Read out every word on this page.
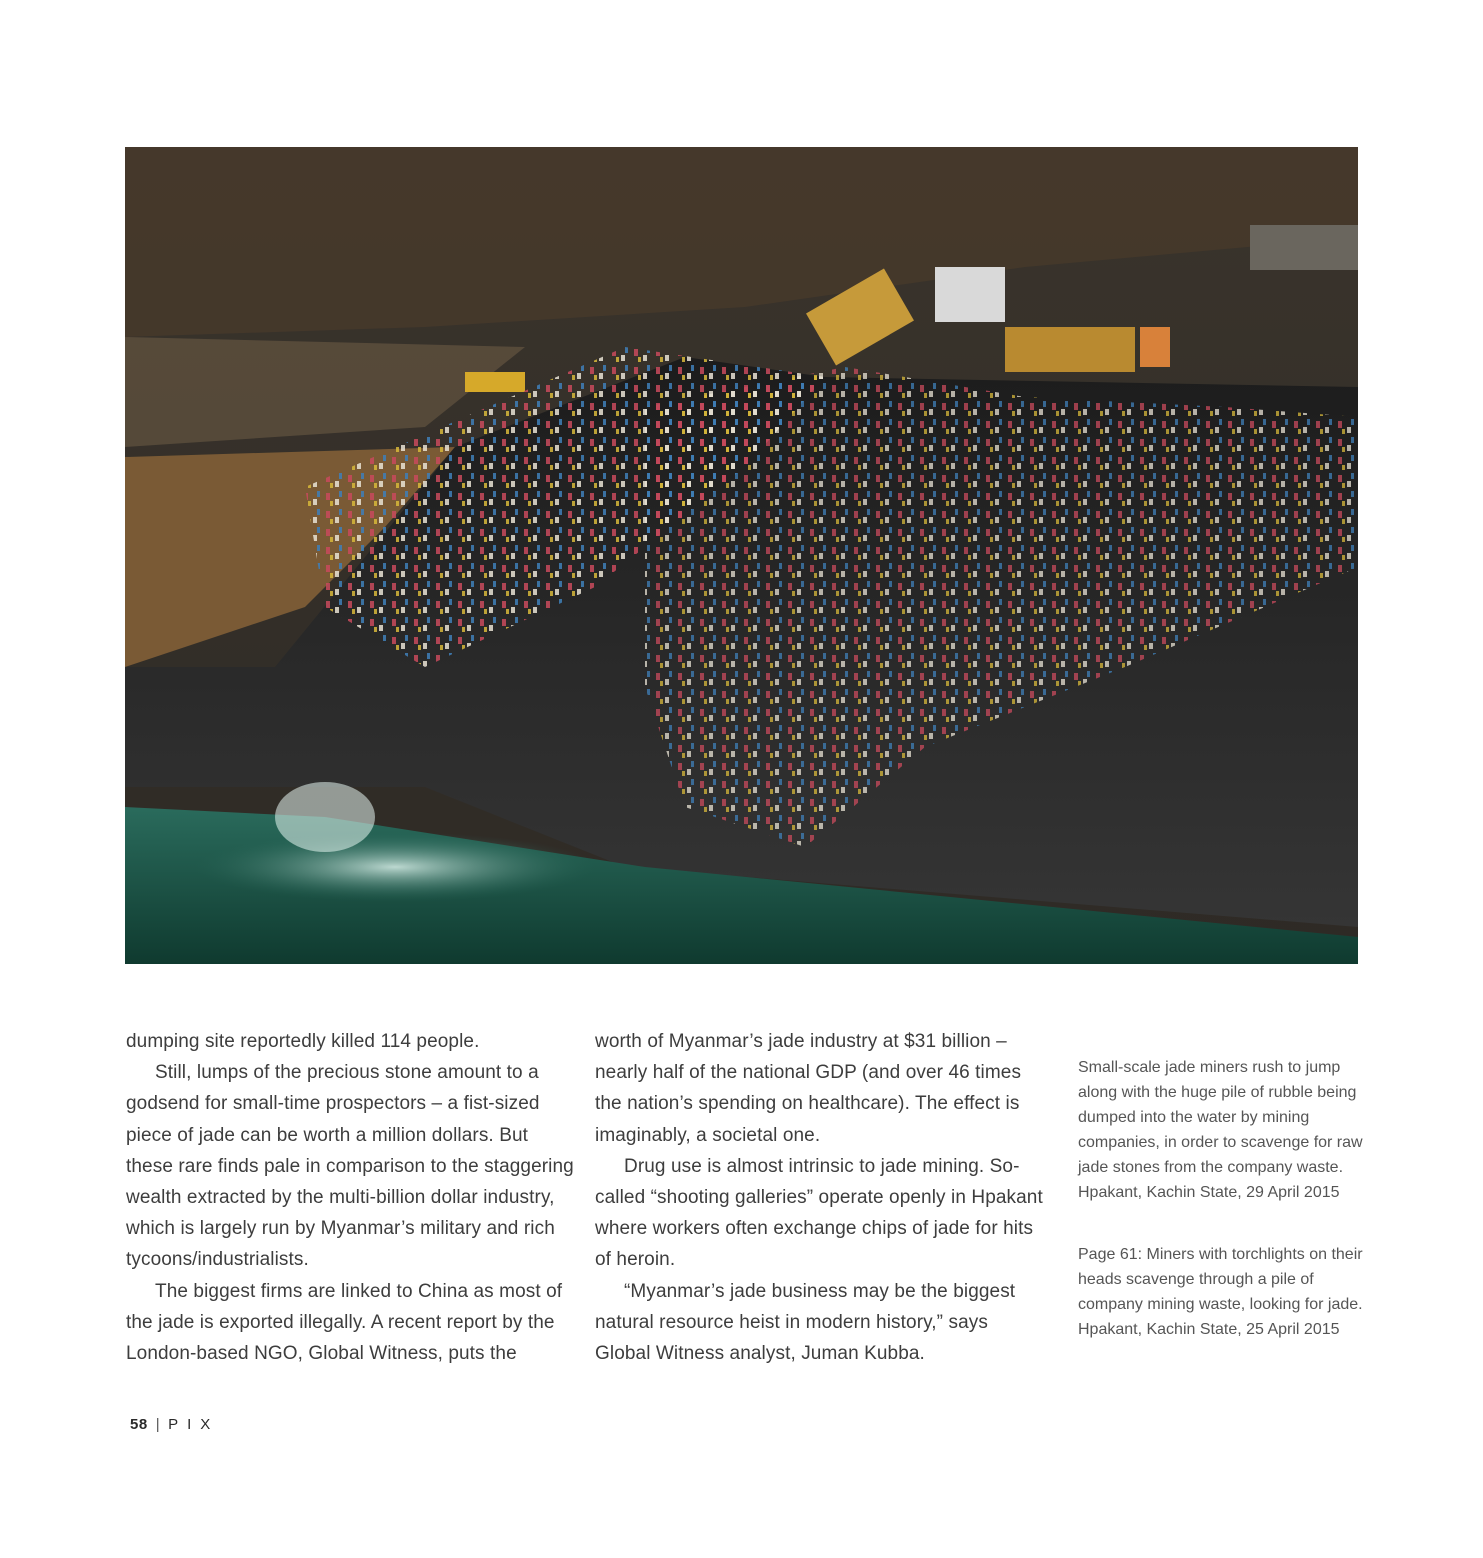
dumping site reportedly killed 114 people.

Still, lumps of the precious stone amount to a godsend for small-time prospectors – a fist-sized piece of jade can be worth a million dollars. But these rare finds pale in comparison to the staggering wealth extracted by the multi-billion dollar industry, which is largely run by Myanmar’s military and rich tycoons/industrialists.

The biggest firms are linked to China as most of the jade is exported illegally. A recent report by the London-based NGO, Global Witness, puts the

worth of Myanmar’s jade industry at $31 billion – nearly half of the national GDP (and over 46 times the nation’s spending on healthcare). The effect is imaginably, a societal one.

Drug use is almost intrinsic to jade mining. So-called “shooting galleries” operate openly in Hpakant where workers often exchange chips of jade for hits of heroin.

“Myanmar’s jade business may be the biggest natural resource heist in modern history,” says Global Witness analyst, Juman Kubba.

Small-scale jade miners rush to jump along with the huge pile of rubble being dumped into the water by mining companies, in order to scavenge for raw jade stones from the company waste. Hpakant, Kachin State, 29 April 2015
Page 61: Miners with torchlights on their heads scavenge through a pile of company mining waste, looking for jade. Hpakant, Kachin State, 25 April 2015
58 | PIX
